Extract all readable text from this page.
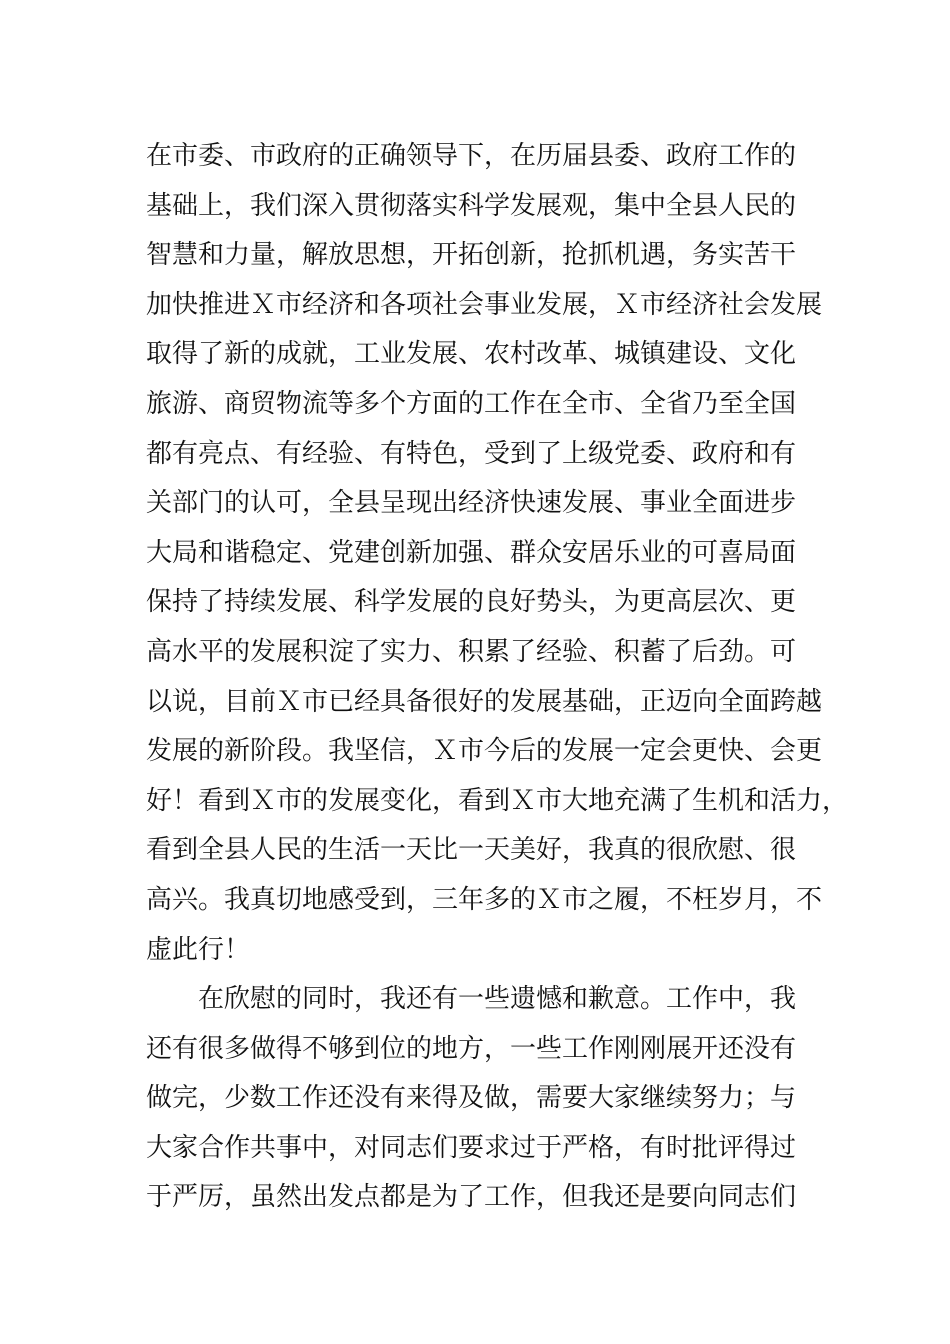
在市委、市政府的正确领导下，在历届县委、政府工作的
基础上，我们深入贯彻落实科学发展观，集中全县人民的
智慧和力量，解放思想，开拓创新，抢抓机遇，务实苦干
加快推进Ｘ市经济和各项社会事业发展，Ｘ市经济社会发展
取得了新的成就，工业发展、农村改革、城镇建设、文化
旅游、商贸物流等多个方面的工作在全市、全省乃至全国
都有亮点、有经验、有特色，受到了上级党委、政府和有
关部门的认可，全县呈现出经济快速发展、事业全面进步
大局和谐稳定、党建创新加强、群众安居乐业的可喜局面
保持了持续发展、科学发展的良好势头，为更高层次、更
高水平的发展积淀了实力、积累了经验、积蓄了后劲。可
以说，目前Ｘ市已经具备很好的发展基础，正迈向全面跨越
发展的新阶段。我坚信，Ｘ市今后的发展一定会更快、会更
好！看到Ｘ市的发展变化，看到Ｘ市大地充满了生机和活力，
看到全县人民的生活一天比一天美好，我真的很欣慰、很
高兴。我真切地感受到，三年多的Ｘ市之履，不枉岁月，不
虚此行！
在欣慰的同时，我还有一些遗憾和歉意。工作中，我
还有很多做得不够到位的地方，一些工作刚刚展开还没有
做完，少数工作还没有来得及做，需要大家继续努力；与
大家合作共事中，对同志们要求过于严格，有时批评得过
于严厉，虽然出发点都是为了工作，但我还是要向同志们
